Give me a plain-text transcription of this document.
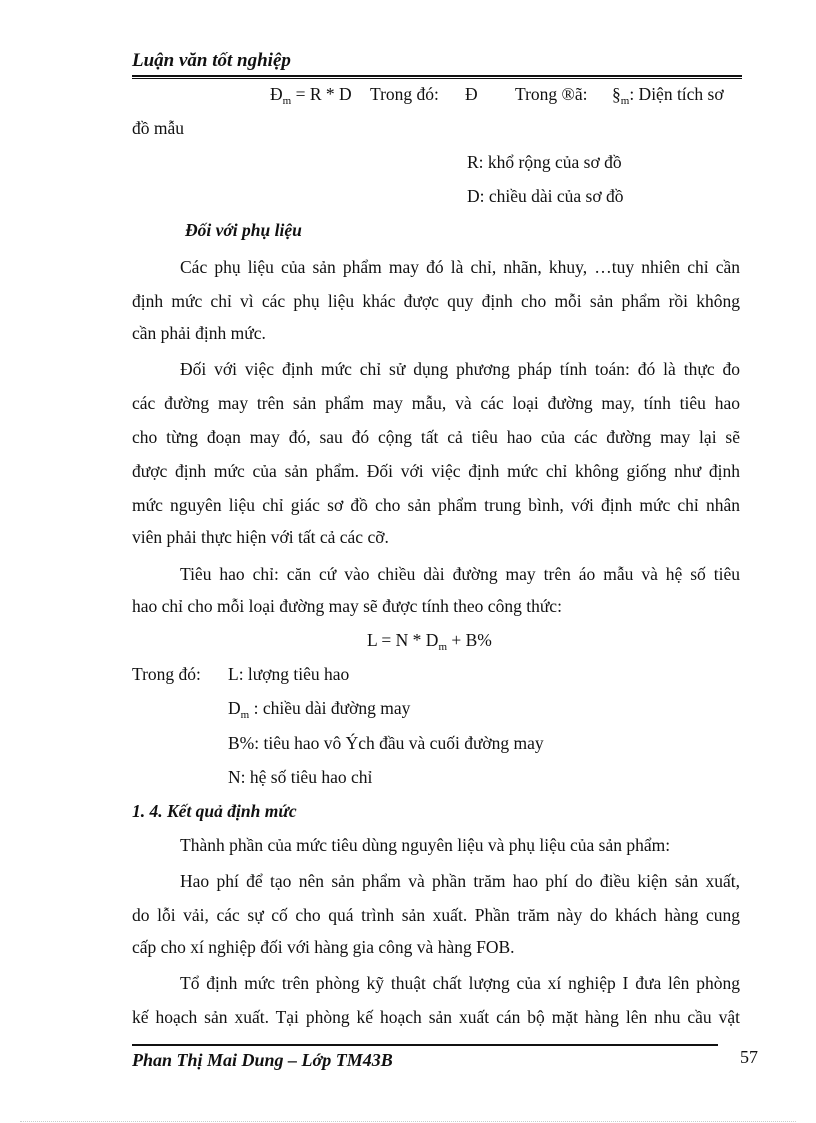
Luận văn tốt nghiệp
$Đ_m = R * D$ Trong đó: Đ Trong ®ã: $\S_m$: Diện tích sơ
đồ mẫu
R: khổ rộng của sơ đồ
D: chiều dài của sơ đồ
Đối với phụ liệu
Các phụ liệu của sản phẩm may đó là chỉ, nhãn, khuy, …tuy nhiên chỉ cần
định mức chỉ vì các phụ liệu khác được quy định cho mỗi sản phẩm rồi không
cần phải định mức.
Đối với việc định mức chỉ sử dụng phương pháp tính toán: đó là thực đo
các đường may trên sản phẩm may mẫu, và các loại đường may, tính tiêu hao
cho từng đoạn may đó, sau đó cộng tất cả tiêu hao của các đường may lại sẽ
được định mức của sản phẩm. Đối với việc định mức chỉ không giống như định
mức nguyên liệu chỉ giác sơ đồ cho sản phẩm trung bình, với định mức chỉ nhân
viên phải thực hiện với tất cả các cỡ.
Tiêu hao chỉ: căn cứ vào chiều dài đường may trên áo mẫu và hệ số tiêu
hao chỉ cho mỗi loại đường may sẽ được tính theo công thức:
$L = N * D_m + B\%$
Trong đó: L: lượng tiêu hao
$D_m$ : chiều dài đường may
B%: tiêu hao vô Ých đầu và cuối đường may
N: hệ số tiêu hao chỉ
1. 4. Kết quả định mức
Thành phần của mức tiêu dùng nguyên liệu và phụ liệu của sản phẩm:
Hao phí để tạo nên sản phẩm và phần trăm hao phí do điều kiện sản xuất,
do lỗi vải, các sự cố cho quá trình sản xuất. Phần trăm này do khách hàng cung
cấp cho xí nghiệp đối với hàng gia công và hàng FOB.
Tổ định mức trên phòng kỹ thuật chất lượng của xí nghiệp I đưa lên phòng
kế hoạch sản xuất. Tại phòng kế hoạch sản xuất cán bộ mặt hàng lên nhu cầu vật
Phan Thị Mai Dung – Lớp TM43B	57
